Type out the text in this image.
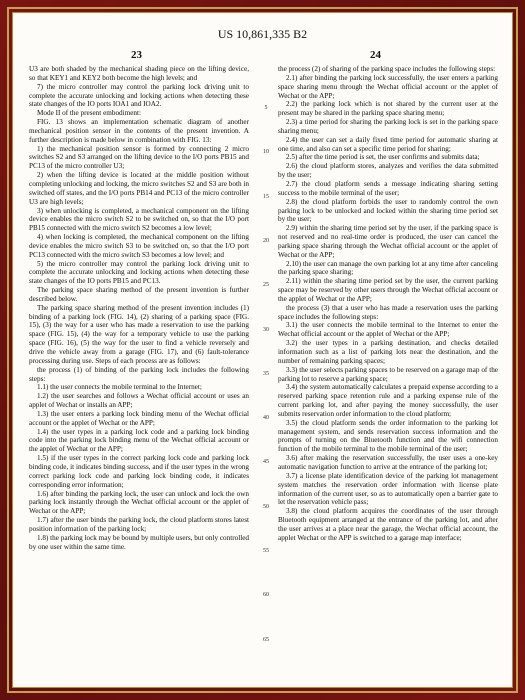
US 10,861,335 B2
23	24

U3 are both shaded by the mechanical shading piece on the lifting device, so that KEY1 and KEY2 both become the high levels; and

7) the micro controller may control the parking lock driving unit to complete the accurate unlocking and locking actions when detecting these state changes of the IO ports IOA1 and IOA2.

Mode II of the present embodiment:

FIG. 13 shows an implementation schematic diagram of another mechanical position sensor in the contents of the present invention. A further description is made below in combination with FIG. 13:

1) the mechanical position sensor is formed by connecting 2 micro switches S2 and S3 arranged on the lifting device to the I/O ports PB15 and PC13 of the micro controller U3;

2) when the lifting device is located at the middle position without completing unlocking and locking, the micro switches S2 and S3 are both in switched off states, and the I/O ports PB14 and PC13 of the micro controller U3 are high levels;

3) when unlocking is completed, a mechanical component on the lifting device enables the micro switch S2 to be switched on, so that the I/O port PB15 connected with the micro switch S2 becomes a low level;

4) when locking is completed, the mechanical component on the lifting device enables the micro switch S3 to be switched on, so that the I/O port PC13 connected with the micro switch S3 becomes a low level; and

5) the micro controller may control the parking lock driving unit to complete the accurate unlocking and locking actions when detecting these state changes of the IO ports PB15 and PC13.

The parking space sharing method of the present invention is further described below.

The parking space sharing method of the present invention includes (1) binding of a parking lock (FIG. 14), (2) sharing of a parking space (FIG. 15), (3) the way for a user who has made a reservation to use the parking space (FIG. 15), (4) the way for a temporary vehicle to use the parking space (FIG. 16), (5) the way for the user to find a vehicle reversely and drive the vehicle away from a garage (FIG. 17), and (6) fault-tolerance processing during use. Steps of each process are as follows:

the process (1) of binding of the parking lock includes the following steps:

1.1) the user connects the mobile terminal to the Internet;

1.2) the user searches and follows a Wechat official account or uses an applet of Wechat or installs an APP;

1.3) the user enters a parking lock binding menu of the Wechat official account or the applet of Wechat or the APP;

1.4) the user types in a parking lock code and a parking lock binding code into the parking lock binding menu of the Wechat official account or the applet of Wechat or the APP;

1.5) if the user types in the correct parking lock code and parking lock binding code, it indicates binding success, and if the user types in the wrong correct parking lock code and parking lock binding code, it indicates corresponding error information;

1.6) after binding the parking lock, the user can unlock and lock the own parking lock instantly through the Wechat official account or the applet of Wechat or the APP;

1.7) after the user binds the parking lock, the cloud platform stores latest position information of the parking lock;

1.8) the parking lock may be bound by multiple users, but only controlled by one user within the same time.

5
10
15
20
25
30
35
40
45
50
55
60
65

the process (2) of sharing of the parking space includes the following steps:

2.1) after binding the parking lock successfully, the user enters a parking space sharing menu through the Wechat official account or the applet of Wechat or the APP;

2.2) the parking lock which is not shared by the current user at the present may be shared in the parking space sharing menu;

2.3) a time period for sharing the parking lock is set in the parking space sharing menu;

2.4) the user can set a daily fixed time period for automatic sharing at one time, and also can set a specific time period for sharing;

2.5) after the time period is set, the user confirms and submits data;

2.6) the cloud platform stores, analyzes and verifies the data submitted by the user;

2.7) the cloud platform sends a message indicating sharing setting success to the mobile terminal of the user;

2.8) the cloud platform forbids the user to randomly control the own parking lock to be unlocked and locked within the sharing time period set by the user;

2.9) within the sharing time period set by the user, if the parking space is not reserved and no real-time order is produced, the user can cancel the parking space sharing through the Wechat official account or the applet of Wechat or the APP;

2.10) the user can manage the own parking lot at any time after canceling the parking space sharing;

2.11) within the sharing time period set by the user, the current parking space may be reserved by other users through the Wechat official account or the applet of Wechat or the APP;

the process (3) that a user who has made a reservation uses the parking space includes the following steps:

3.1) the user connects the mobile terminal to the Internet to enter the Wechat official account or the applet of Wechat or the APP;

3.2) the user types in a parking destination, and checks detailed information such as a list of parking lots near the destination, and the number of remaining parking spaces;

3.3) the user selects parking spaces to be reserved on a garage map of the parking lot to reserve a parking space;

3.4) the system automatically calculates a prepaid expense according to a reserved parking space retention rule and a parking expense rule of the current parking lot, and after paying the money successfully, the user submits reservation order information to the cloud platform;

3.5) the cloud platform sends the order information to the parking lot management system, and sends reservation success information and the prompts of turning on the Bluetooth function and the wifi connection function of the mobile terminal to the mobile terminal of the user;

3.6) after making the reservation successfully, the user uses a one-key automatic navigation function to arrive at the entrance of the parking lot;

3.7) a license plate identification device of the parking lot management system matches the reservation order information with license plate information of the current user, so as to automatically open a barrier gate to let the reservation vehicle pass;

3.8) the cloud platform acquires the coordinates of the user through Bluetooth equipment arranged at the entrance of the parking lot, and after the user arrives at a place near the garage, the Wechat official account, the applet Wechat or the APP is switched to a garage map interface;
